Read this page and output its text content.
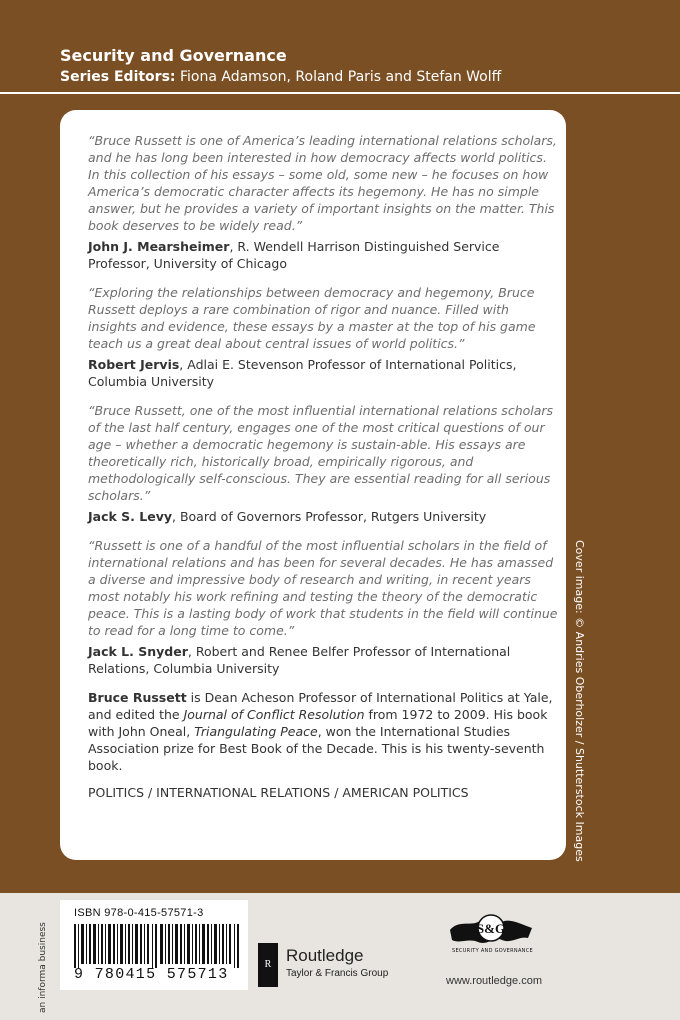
Security and Governance
Series Editors: Fiona Adamson, Roland Paris and Stefan Wolff

“Bruce Russett is one of America’s leading international relations scholars, and he has long been interested in how democracy affects world politics. In this collection of his essays – some old, some new – he focuses on how America’s democratic character affects its hegemony. He has no simple answer, but he provides a variety of important insights on the matter. This book deserves to be widely read.”

John J. Mearsheimer, R. Wendell Harrison Distinguished Service Professor, University of Chicago

“Exploring the relationships between democracy and hegemony, Bruce Russett deploys a rare combination of rigor and nuance. Filled with insights and evidence, these essays by a master at the top of his game teach us a great deal about central issues of world politics.”

Robert Jervis, Adlai E. Stevenson Professor of International Politics, Columbia University

“Bruce Russett, one of the most influential international relations scholars of the last half century, engages one of the most critical questions of our age – whether a democratic hegemony is sustain-able. His essays are theoretically rich, historically broad, empirically rigorous, and methodologically self-conscious. They are essential reading for all serious scholars.”

Jack S. Levy, Board of Governors Professor, Rutgers University

“Russett is one of a handful of the most influential scholars in the field of international relations and has been for several decades. He has amassed a diverse and impressive body of research and writing, in recent years most notably his work refining and testing the theory of the democratic peace. This is a lasting body of work that students in the field will continue to read for a long time to come.”

Jack L. Snyder, Robert and Renee Belfer Professor of International Relations, Columbia University

Bruce Russett is Dean Acheson Professor of International Politics at Yale, and edited the Journal of Conflict Resolution from 1972 to 2009. His book with John Oneal, Triangulating Peace, won the International Studies Association prize for Best Book of the Decade. This is his twenty-seventh book.

POLITICS / INTERNATIONAL RELATIONS / AMERICAN POLITICS	Cover image: © Andries Oberholzer / Shutterstock Images
an informa business
ISBN 978-0-415-57571-3
9 780415 575713
R Routledge
Taylor & Francis Group
S&G
SECURITY AND GOVERNANCE
www.routledge.com
